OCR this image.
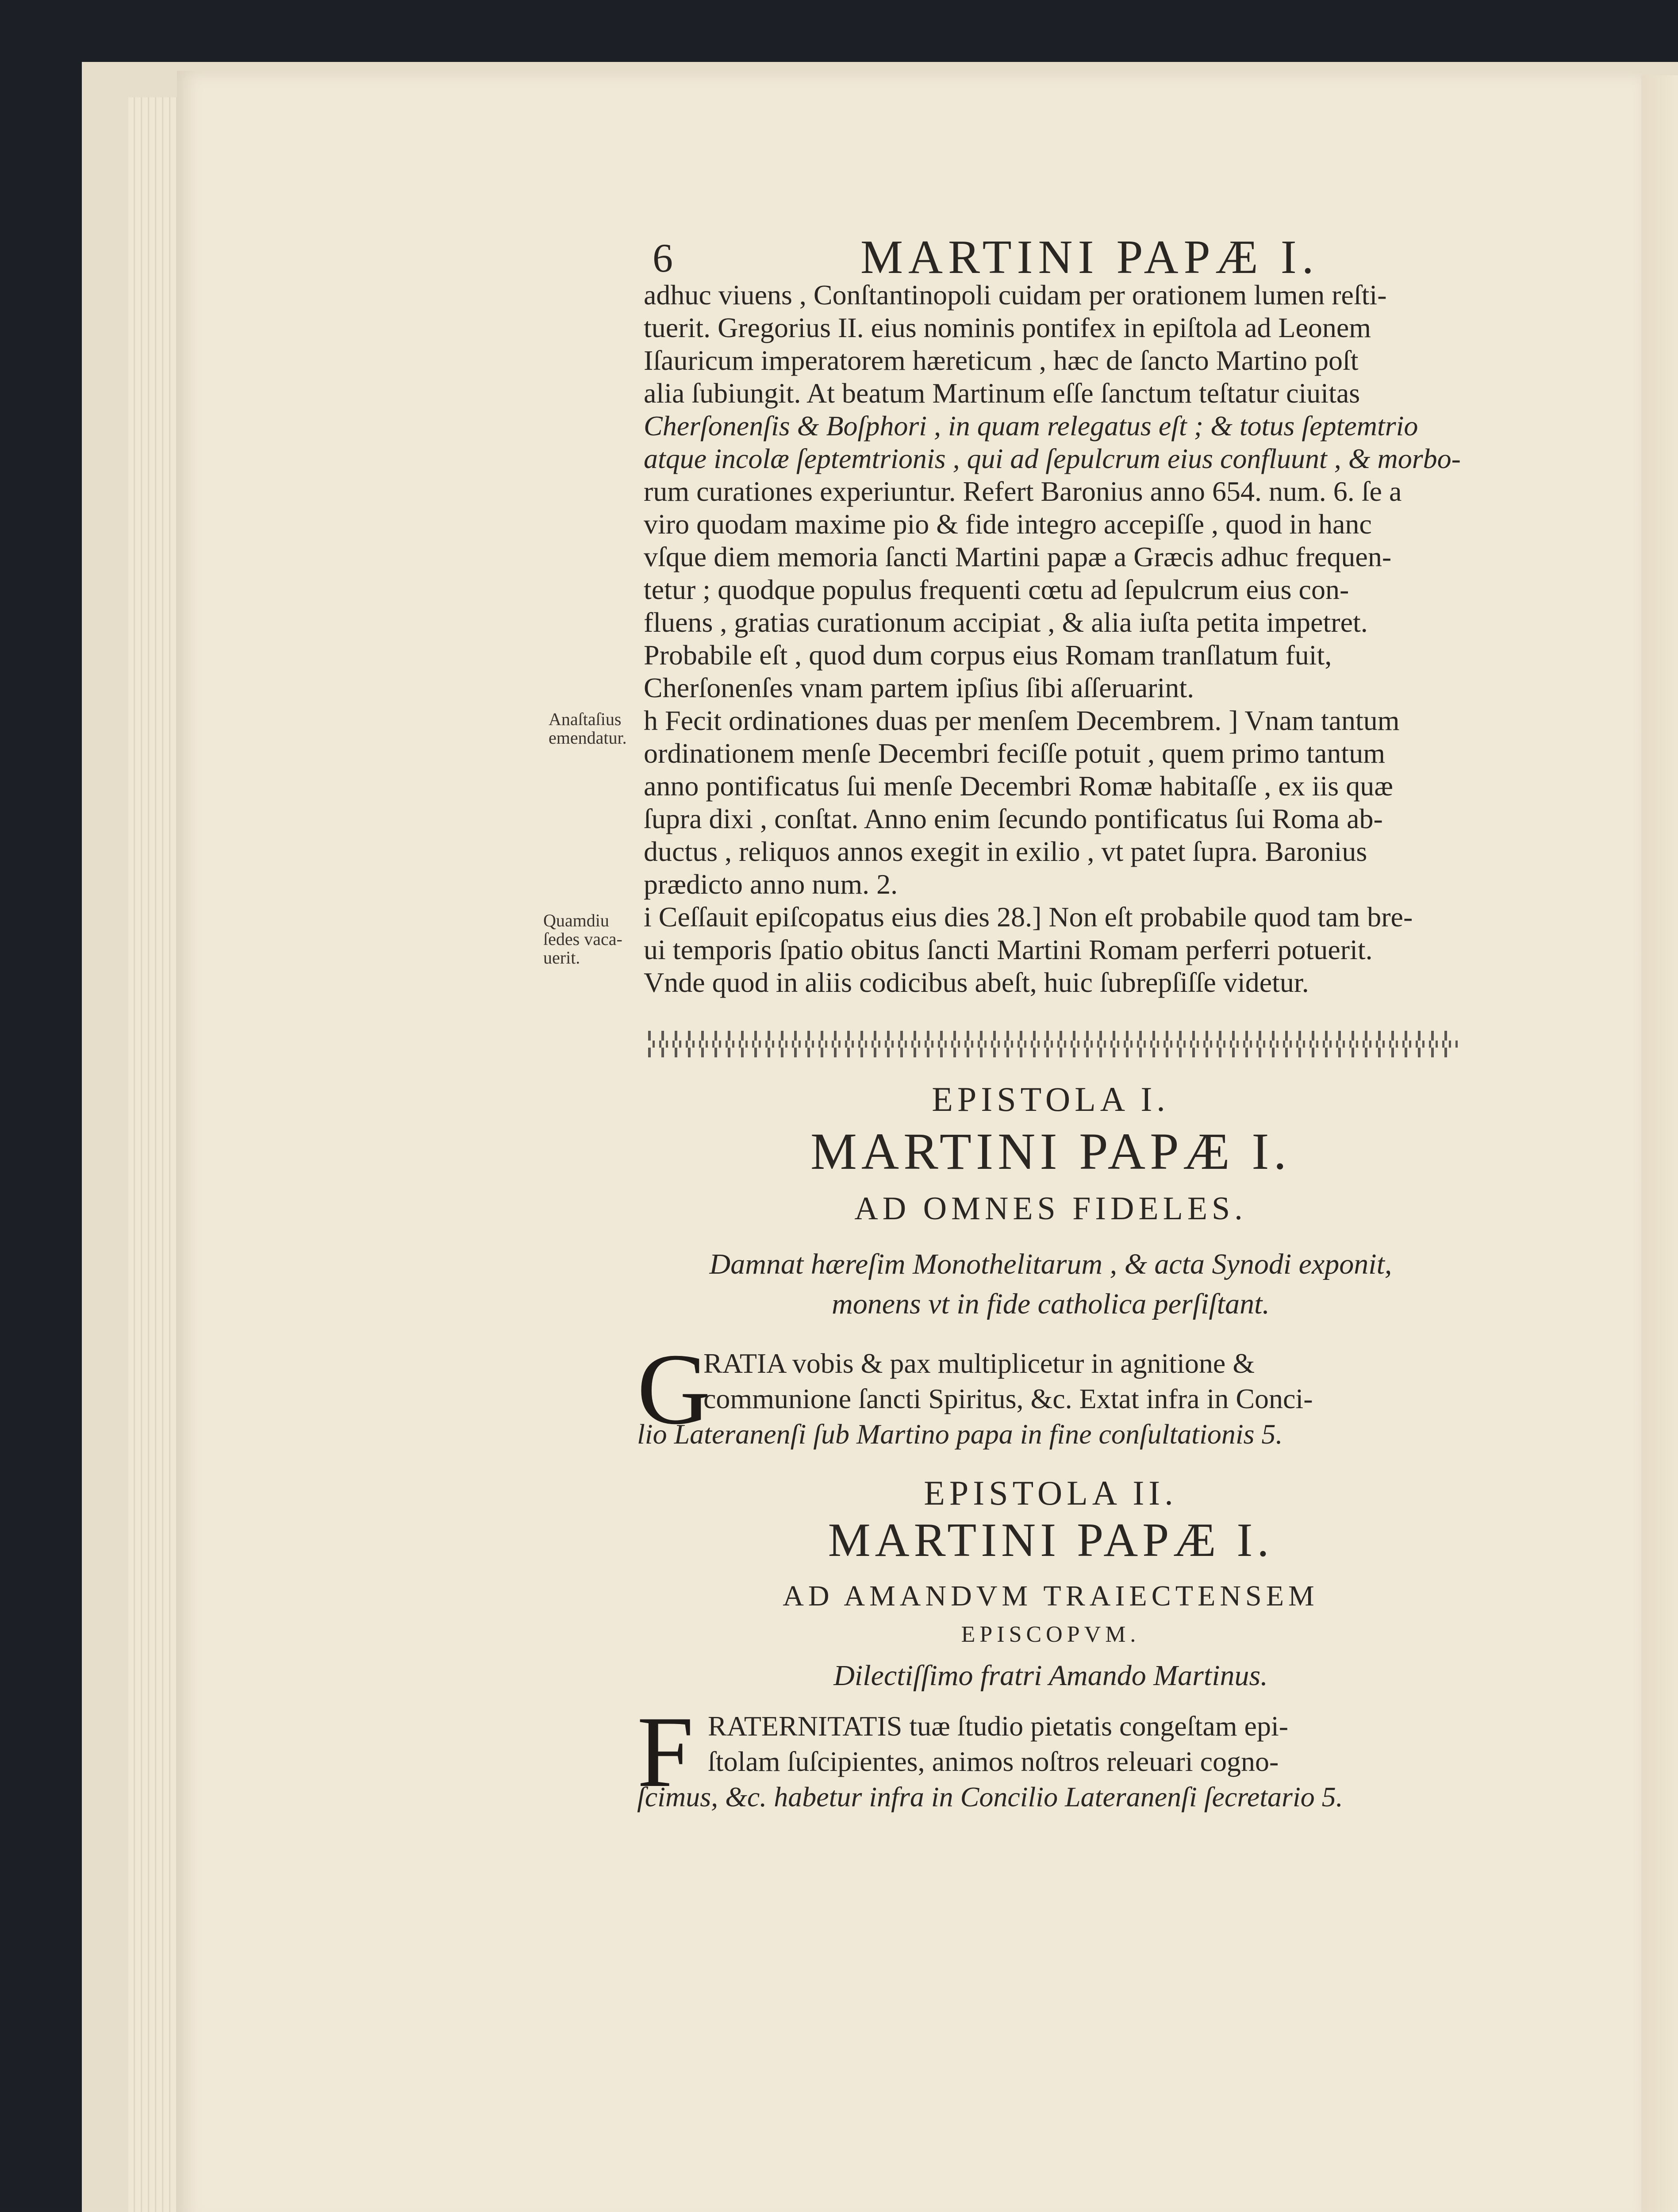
6	MARTINI PAPÆ I.
adhuc viuens , Conſtantinopoli cuidam per orationem lumen reſti-
tuerit. Gregorius II. eius nominis pontifex in epiſtola ad Leonem
Iſauricum imperatorem hæreticum , hæc de ſancto Martino poſt
alia ſubiungit. At beatum Martinum eſſe ſanctum teſtatur ciuitas
Cherſonenſis & Boſphori , in quam relegatus eſt ; & totus ſeptemtrio
atque incolæ ſeptemtrionis , qui ad ſepulcrum eius confluunt , & morbo-
rum curationes experiuntur. Refert Baronius anno 654. num. 6. ſe a
viro quodam maxime pio & fide integro accepiſſe , quod in hanc
vſque diem memoria ſancti Martini papæ a Græcis adhuc frequen-
tetur ; quodque populus frequenti cœtu ad ſepulcrum eius con-
fluens , gratias curationum accipiat , & alia iuſta petita impetret.
Probabile eſt , quod dum corpus eius Romam tranſlatum fuit,
Cherſonenſes vnam partem ipſius ſibi aſſeruarint.
h Fecit ordinationes duas per menſem Decembrem. ] Vnam tantum
ordinationem menſe Decembri feciſſe potuit , quem primo tantum
anno pontificatus ſui menſe Decembri Romæ habitaſſe , ex iis quæ
ſupra dixi , conſtat. Anno enim ſecundo pontificatus ſui Roma ab-
ductus , reliquos annos exegit in exilio , vt patet ſupra. Baronius
prædicto anno num. 2.
i Ceſſauit epiſcopatus eius dies 28.] Non eſt probabile quod tam bre-
ui temporis ſpatio obitus ſancti Martini Romam perferri potuerit.
Vnde quod in aliis codicibus abeſt, huic ſubrepſiſſe videtur.
Anaſtaſius
emendatur.
Quamdiu
ſedes vaca-
uerit.
EPISTOLA I.
MARTINI PAPÆ I.
AD OMNES FIDELES.
Damnat hæreſim Monothelitarum , & acta Synodi exponit,
monens vt in fide catholica perſiſtant.
G
RATIA vobis & pax multiplicetur in agnitione &
communione ſancti Spiritus, &c. Extat infra in Conci-
lio Lateranenſi ſub Martino papa in fine conſultationis 5.
EPISTOLA II.
MARTINI PAPÆ I.
AD AMANDVM TRAIECTENSEM
EPISCOPVM.
Dilectiſſimo fratri Amando Martinus.
F RATERNITATIS tuæ ſtudio pietatis congeſtam epi-
ſtolam ſuſcipientes, animos noſtros releuari cogno-
ſcimus, &c. habetur infra in Concilio Lateranenſi ſecretario 5.
